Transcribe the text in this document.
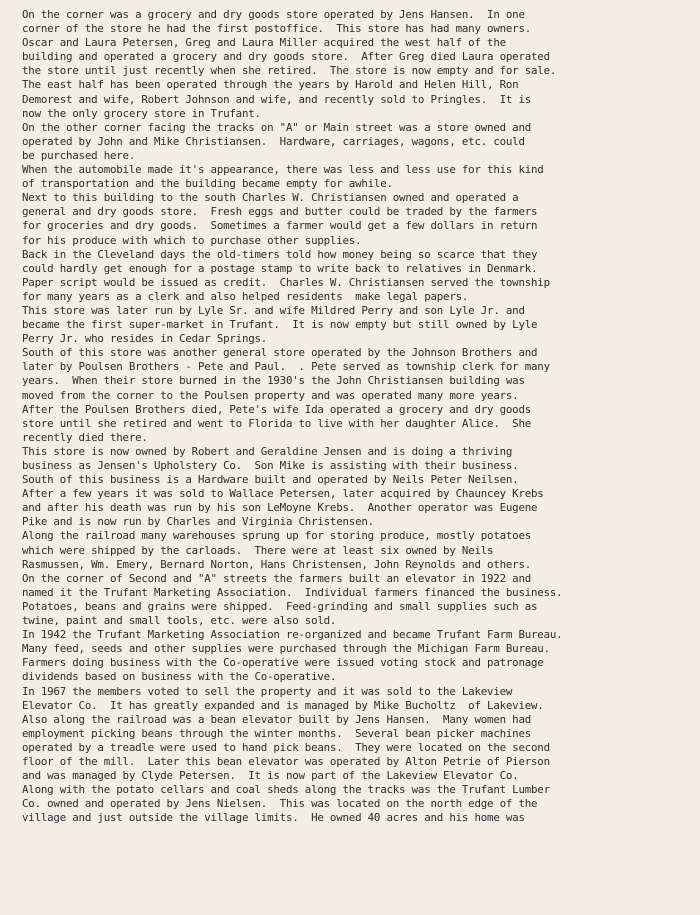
On the corner was a grocery and dry goods store operated by Jens Hansen.  In one
corner of the store he had the first postoffice.  This store has had many owners.
Oscar and Laura Petersen, Greg and Laura Miller acquired the west half of the
building and operated a grocery and dry goods store.  After Greg died Laura operated
the store until just recently when she retired.  The store is now empty and for sale.
The east half has been operated through the years by Harold and Helen Hill, Ron
Demorest and wife, Robert Johnson and wife, and recently sold to Pringles.  It is
now the only grocery store in Trufant.
On the other corner facing the tracks on "A" or Main street was a store owned and
operated by John and Mike Christiansen.  Hardware, carriages, wagons, etc. could
be purchased here.
When the automobile made it's appearance, there was less and less use for this kind
of transportation and the building became empty for awhile.
Next to this building to the south Charles W. Christiansen owned and operated a
general and dry goods store.  Fresh eggs and butter could be traded by the farmers
for groceries and dry goods.  Sometimes a farmer would get a few dollars in return
for his produce with which to purchase other supplies.
Back in the Cleveland days the old-timers told how money being so scarce that they
could hardly get enough for a postage stamp to write back to relatives in Denmark.
Paper script would be issued as credit.  Charles W. Christiansen served the township
for many years as a clerk and also helped residents  make legal papers.
This store was later run by Lyle Sr. and wife Mildred Perry and son Lyle Jr. and
became the first super-market in Trufant.  It is now empty but still owned by Lyle
Perry Jr. who resides in Cedar Springs.
South of this store was another general store operated by the Johnson Brothers and
later by Poulsen Brothers - Pete and Paul.  . Pete served as township clerk for many
years.  When their store burned in the 1930's the John Christiansen building was
moved from the corner to the Poulsen property and was operated many more years.
After the Poulsen Brothers died, Pete's wife Ida operated a grocery and dry goods
store until she retired and went to Florida to live with her daughter Alice.  She
recently died there.
This store is now owned by Robert and Geraldine Jensen and is doing a thriving
business as Jensen's Upholstery Co.  Son Mike is assisting with their business.
South of this business is a Hardware built and operated by Neils Peter Neilsen.
After a few years it was sold to Wallace Petersen, later acquired by Chauncey Krebs
and after his death was run by his son LeMoyne Krebs.  Another operator was Eugene
Pike and is now run by Charles and Virginia Christensen.
Along the railroad many warehouses sprung up for storing produce, mostly potatoes
which were shipped by the carloads.  There were at least six owned by Neils
Rasmussen, Wm. Emery, Bernard Norton, Hans Christensen, John Reynolds and others.
On the corner of Second and "A" streets the farmers built an elevator in 1922 and
named it the Trufant Marketing Association.  Individual farmers financed the business.
Potatoes, beans and grains were shipped.  Feed-grinding and small supplies such as
twine, paint and small tools, etc. were also sold.
In 1942 the Trufant Marketing Association re-organized and became Trufant Farm Bureau.
Many feed, seeds and other supplies were purchased through the Michigan Farm Bureau.
Farmers doing business with the Co-operative were issued voting stock and patronage
dividends based on business with the Co-operative.
In 1967 the members voted to sell the property and it was sold to the Lakeview
Elevator Co.  It has greatly expanded and is managed by Mike Bucholtz  of Lakeview.
Also along the railroad was a bean elevator built by Jens Hansen.  Many women had
employment picking beans through the winter months.  Several bean picker machines
operated by a treadle were used to hand pick beans.  They were located on the second
floor of the mill.  Later this bean elevator was operated by Alton Petrie of Pierson
and was managed by Clyde Petersen.  It is now part of the Lakeview Elevator Co.
Along with the potato cellars and coal sheds along the tracks was the Trufant Lumber
Co. owned and operated by Jens Nielsen.  This was located on the north edge of the
village and just outside the village limits.  He owned 40 acres and his home was
